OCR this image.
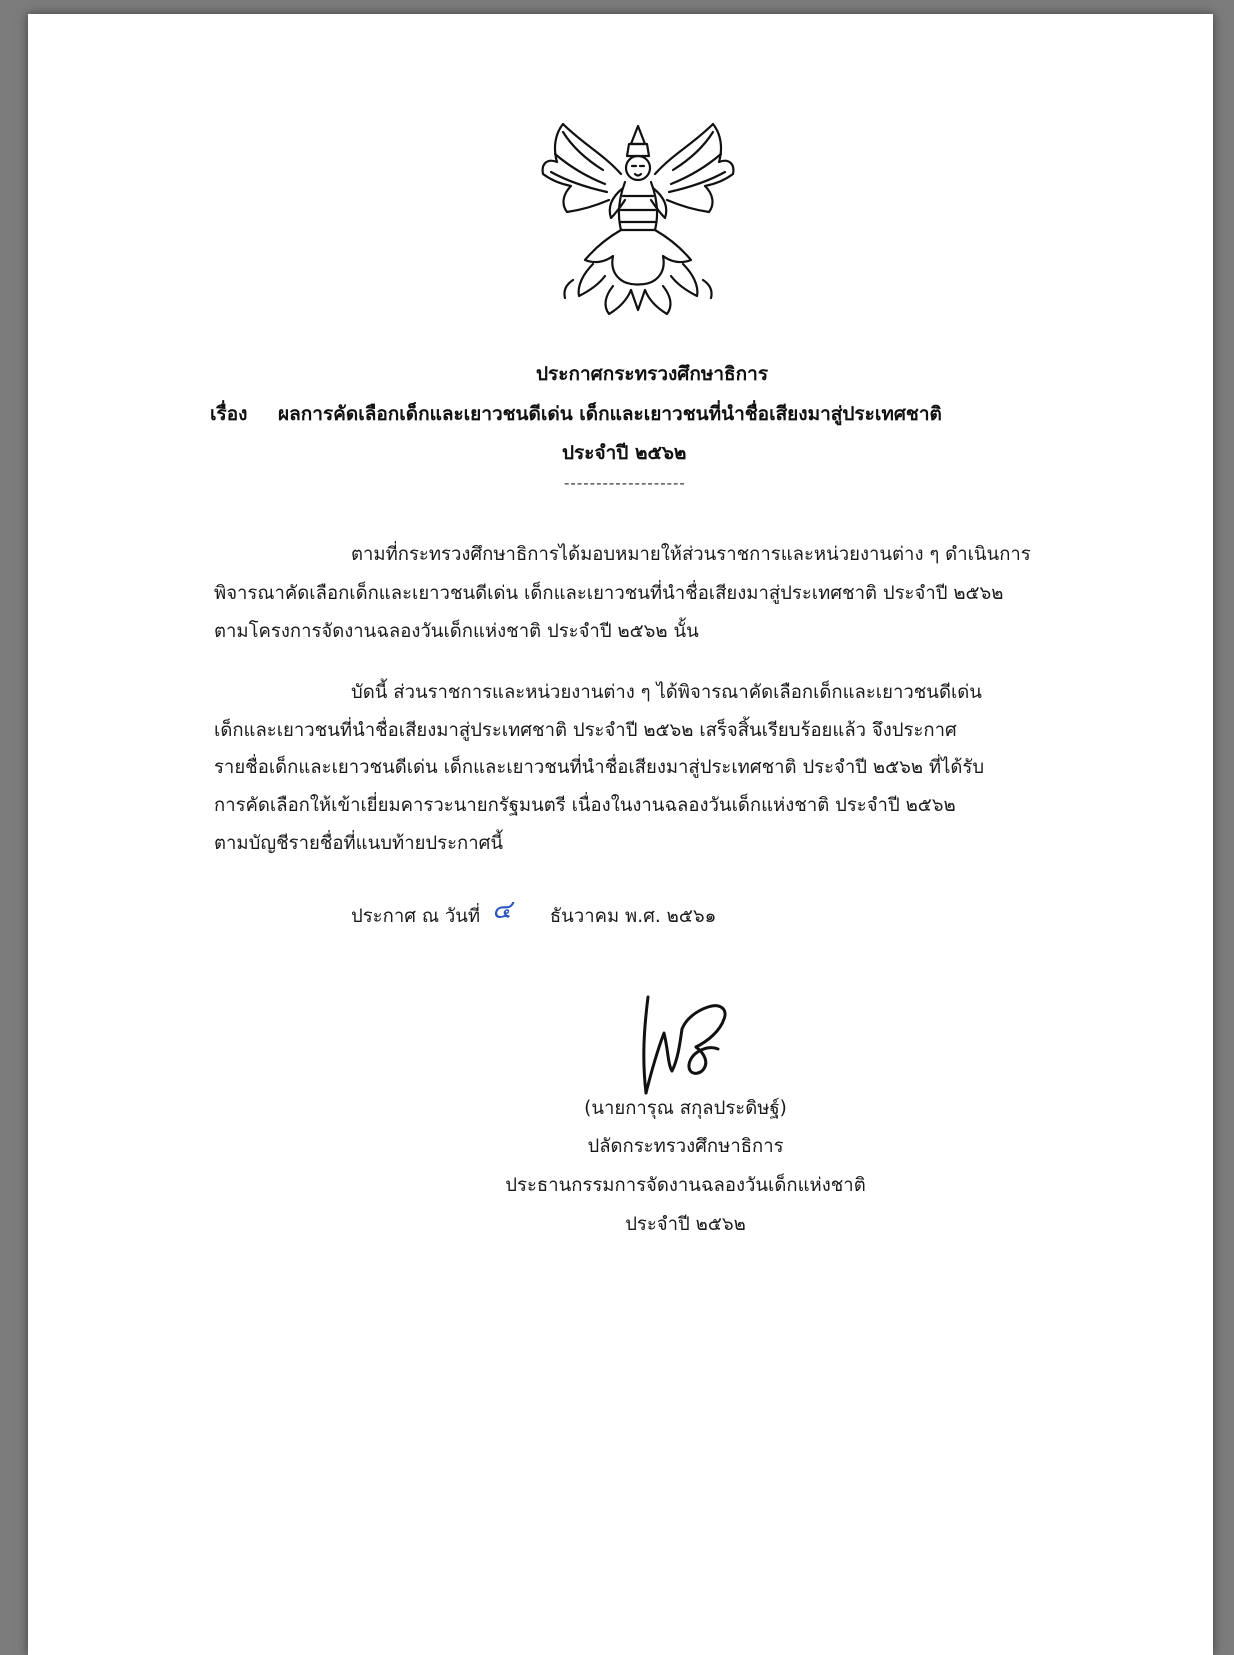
ประกาศกระทรวงศึกษาธิการ
เรื่อง ผลการคัดเลือกเด็กและเยาวชนดีเด่น เด็กและเยาวชนที่นำชื่อเสียงมาสู่ประเทศชาติ
ประจำปี ๒๕๖๒
-------------------
ตามที่กระทรวงศึกษาธิการได้มอบหมายให้ส่วนราชการและหน่วยงานต่าง ๆ ดำเนินการ
พิจารณาคัดเลือกเด็กและเยาวชนดีเด่น เด็กและเยาวชนที่นำชื่อเสียงมาสู่ประเทศชาติ ประจำปี ๒๕๖๒
ตามโครงการจัดงานฉลองวันเด็กแห่งชาติ ประจำปี ๒๕๖๒ นั้น
บัดนี้ ส่วนราชการและหน่วยงานต่าง ๆ ได้พิจารณาคัดเลือกเด็กและเยาวชนดีเด่น
เด็กและเยาวชนที่นำชื่อเสียงมาสู่ประเทศชาติ ประจำปี ๒๕๖๒ เสร็จสิ้นเรียบร้อยแล้ว จึงประกาศ
รายชื่อเด็กและเยาวชนดีเด่น เด็กและเยาวชนที่นำชื่อเสียงมาสู่ประเทศชาติ ประจำปี ๒๕๖๒ ที่ได้รับ
การคัดเลือกให้เข้าเยี่ยมคารวะนายกรัฐมนตรี เนื่องในงานฉลองวันเด็กแห่งชาติ ประจำปี ๒๕๖๒
ตามบัญชีรายชื่อที่แนบท้ายประกาศนี้
ประกาศ ณ วันที่ ๔ ธันวาคม พ.ศ. ๒๕๖๑
(นายการุณ สกุลประดิษฐ์)
ปลัดกระทรวงศึกษาธิการ
ประธานกรรมการจัดงานฉลองวันเด็กแห่งชาติ
ประจำปี ๒๕๖๒
